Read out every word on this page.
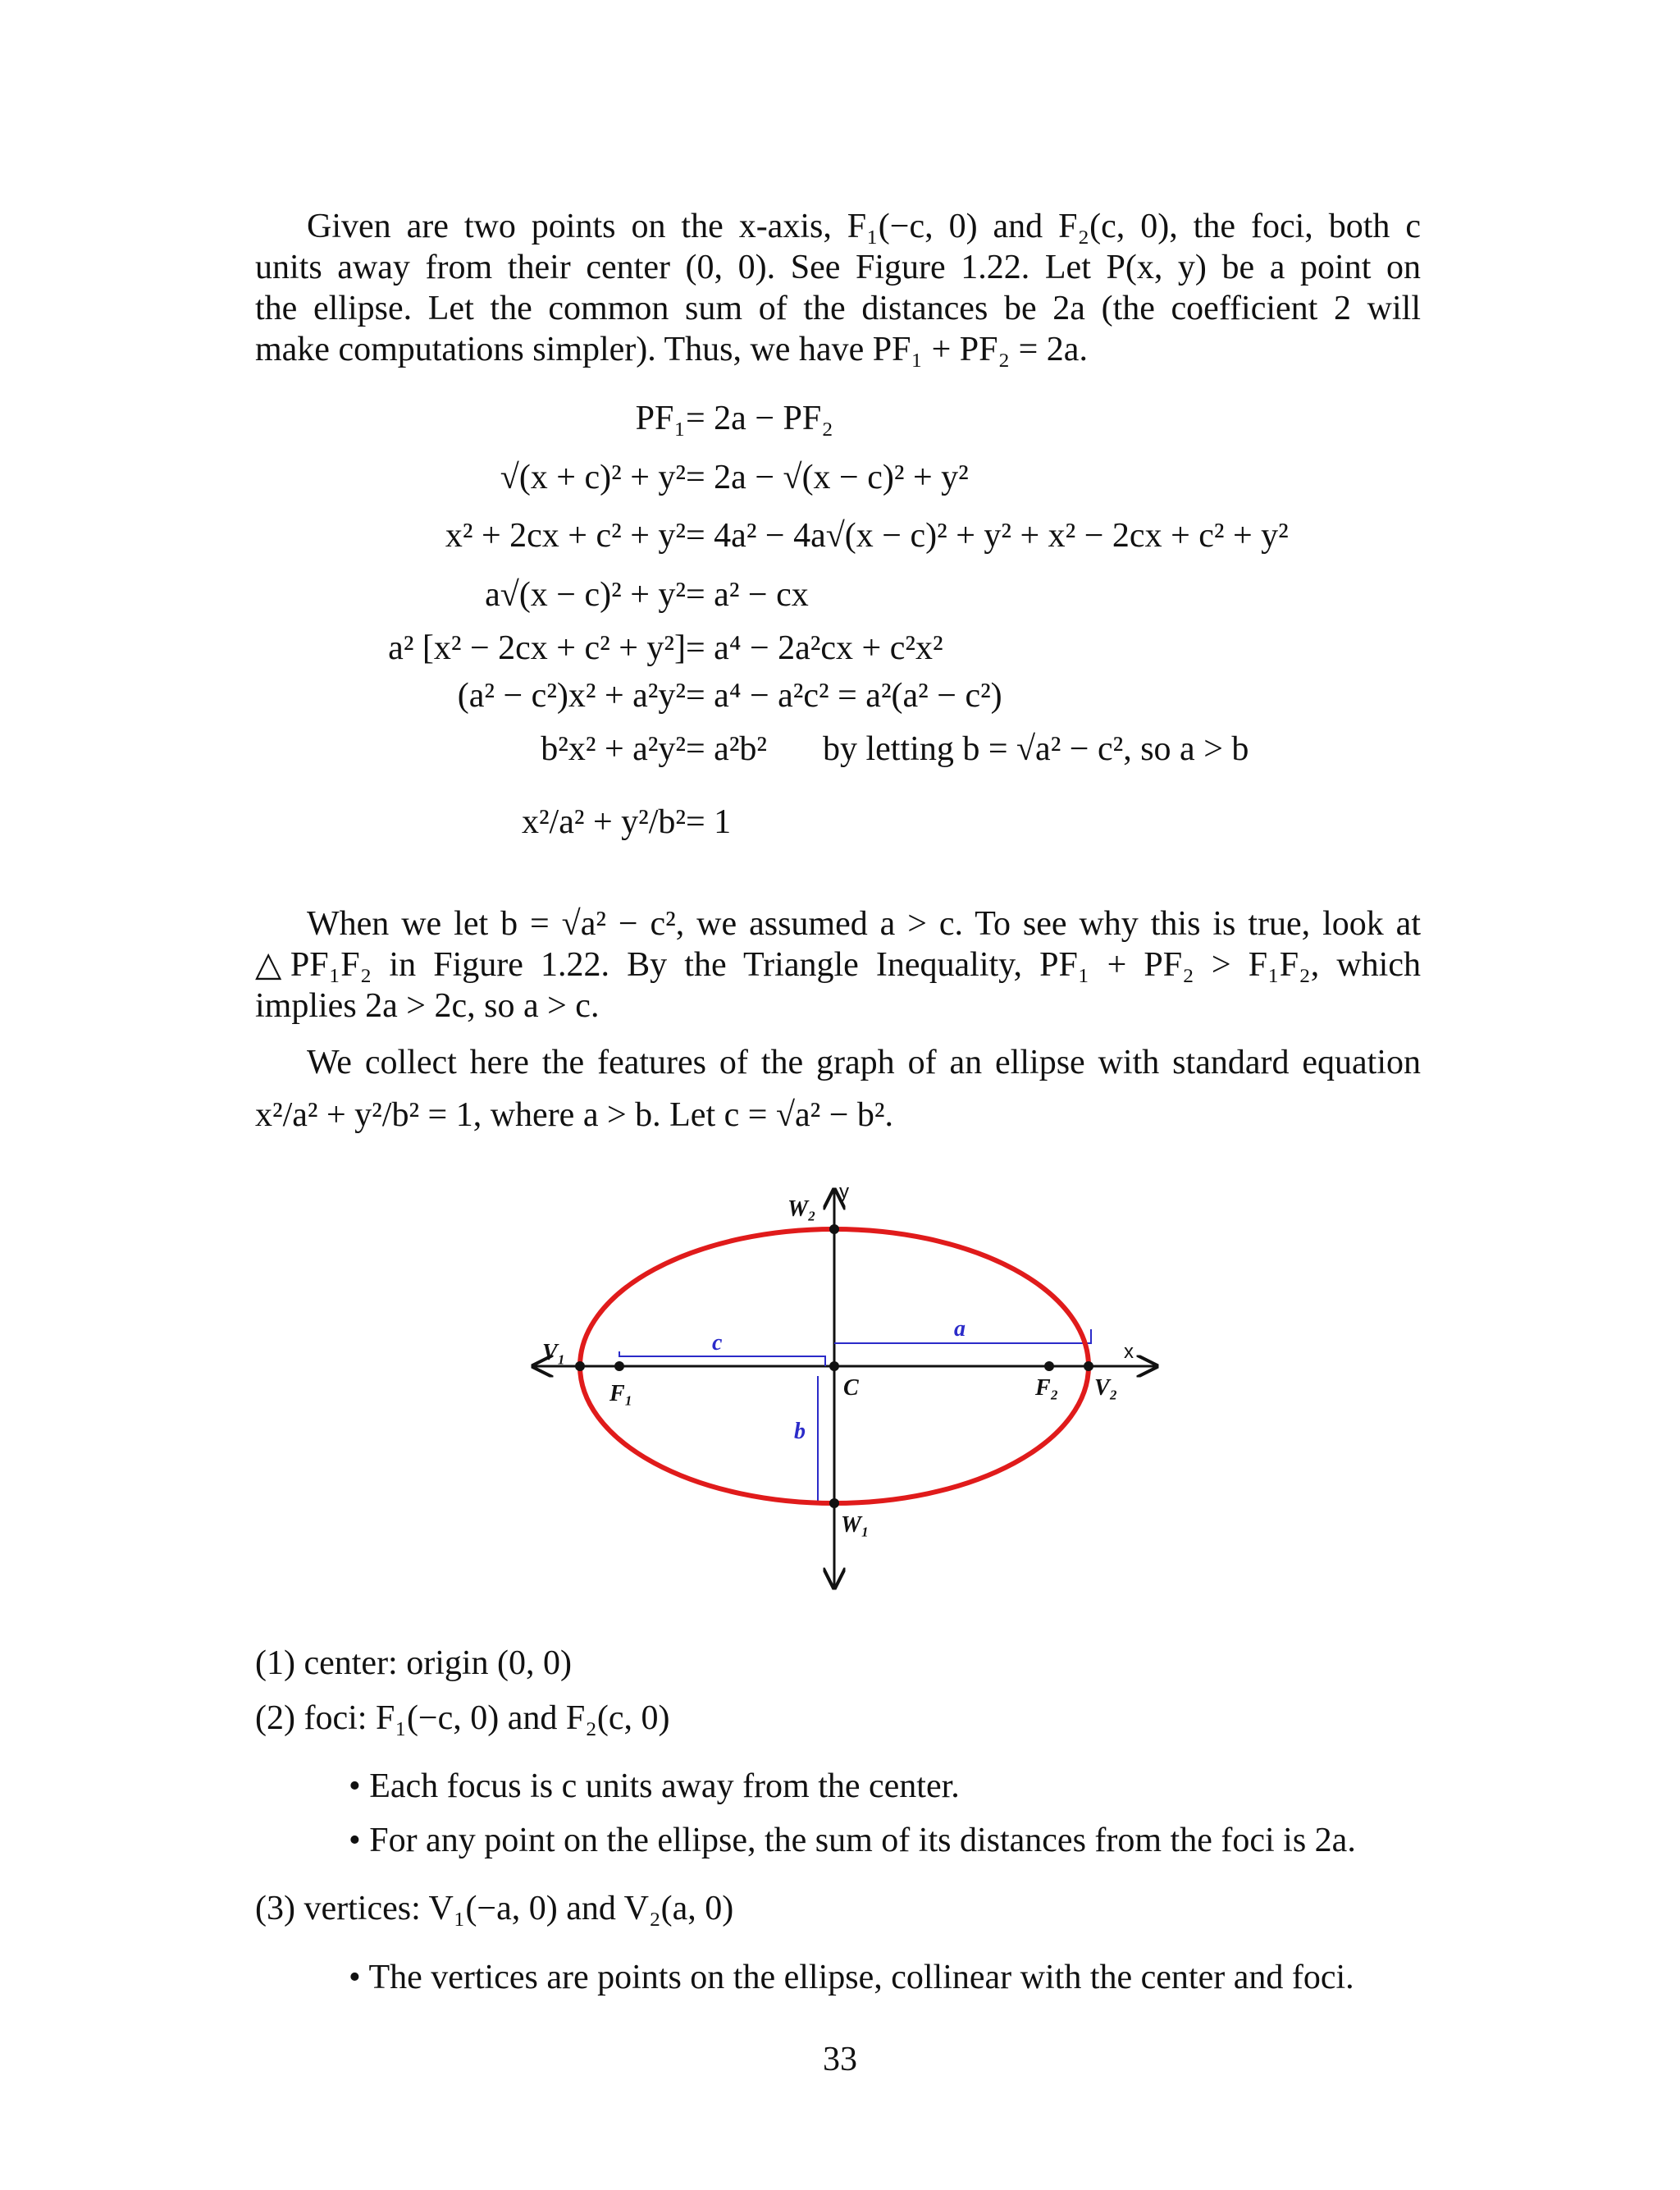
Given are two points on the x-axis, F₁(−c, 0) and F₂(c, 0), the foci, both c
units away from their center (0, 0). See Figure 1.22. Let P(x, y) be a point on
the ellipse. Let the common sum of the distances be 2a (the coefficient 2 will
make computations simpler). Thus, we have PF₁ + PF₂ = 2a.
PF₁ = 2a − PF₂
√(x + c)² + y² = 2a − √(x − c)² + y²
x² + 2cx + c² + y² = 4a² − 4a√(x − c)² + y² + x² − 2cx + c² + y²
a√(x − c)² + y² = a² − cx
a² [x² − 2cx + c² + y²] = a⁴ − 2a²cx + c²x²
(a² − c²)x² + a²y² = a⁴ − a²c² = a²(a² − c²)
b²x² + a²y² = a²b² by letting b = √a² − c², so a > b
x²/a² + y²/b² = 1
When we let b = √a² − c², we assumed a > c. To see why this is true, look at
△PF₁F₂ in Figure 1.22. By the Triangle Inequality, PF₁ + PF₂ > F₁F₂, which
implies 2a > 2c, so a > c.
We collect here the features of the graph of an ellipse with standard equation
x²/a² + y²/b² = 1, where a > b. Let c = √a² − b².
W₂
V₁
F₁	C	F₂ V₂
W₁
c
a
b
y
x
(1) center: origin (0, 0)
(2) foci: F₁(−c, 0) and F₂(c, 0)
• Each focus is c units away from the center.
• For any point on the ellipse, the sum of its distances from the foci is 2a.
(3) vertices: V₁(−a, 0) and V₂(a, 0)
• The vertices are points on the ellipse, collinear with the center and foci.
33
